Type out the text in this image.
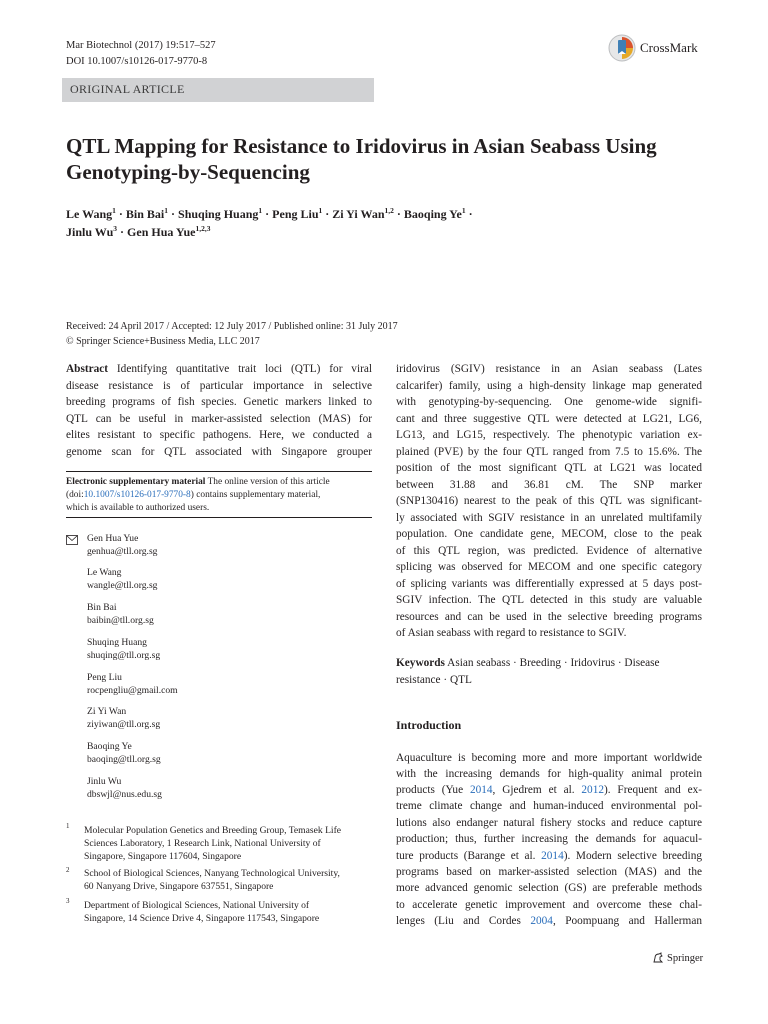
Mar Biotechnol (2017) 19:517–527
DOI 10.1007/s10126-017-9770-8
CrossMark
ORIGINAL ARTICLE
QTL Mapping for Resistance to Iridovirus in Asian Seabass Using
Genotyping-by-Sequencing
Le Wang$^1$ · Bin Bai$^1$ · Shuqing Huang$^1$ · Peng Liu$^1$ · Zi Yi Wan$^{1,2}$ · Baoqing $Ye^1$ ·
Jinlu $Wu^3$ · Gen Hua Yue$^{1,2,3}$
Received: 24 April 2017 / Accepted: 12 July 2017 / Published online: 31 July 2017
© Springer Science+Business Media, LLC 2017
Abstract Identifying quantitative trait loci (QTL) for viral
disease resistance is of particular importance in selective
breeding programs of fish species. Genetic markers linked to
QTL can be useful in marker-assisted selection (MAS) for
elites resistant to specific pathogens. Here, we conducted a
genome scan for QTL associated with Singapore grouper
Electronic supplementary material The online version of this article
(doi:10.1007/s10126-017-9770-8) contains supplementary material,
which is available to authorized users.
Gen Hua Yue
genhua@tll.org.sg
Le Wang
wangle@tll.org.sg
Bin Bai
baibin@tll.org.sg
Shuqing Huang
shuqing@tll.org.sg
Peng Liu
rocpengliu@gmail.com
Zi Yi Wan
ziyiwan@tll.org.sg
Baoqing Ye
baoqing@tll.org.sg
Jinlu Wu
dbswjl@nus.edu.sg
1 Molecular Population Genetics and Breeding Group, Temasek Life
Sciences Laboratory, 1 Research Link, National University of
Singapore, Singapore 117604, Singapore
2 School of Biological Sciences, Nanyang Technological University,
60 Nanyang Drive, Singapore 637551, Singapore
3 Department of Biological Sciences, National University of
Singapore, 14 Science Drive 4, Singapore 117543, Singapore
iridovirus (SGIV) resistance in an Asian seabass (Lates
calcarifer) family, using a high-density linkage map generated
with genotyping-by-sequencing. One genome-wide signifi-
cant and three suggestive QTL were detected at LG21, LG6,
LG13, and LG15, respectively. The phenotypic variation ex-
plained (PVE) by the four QTL ranged from 7.5 to 15.6%. The
position of the most significant QTL at LG21 was located
between 31.88 and 36.81 cM. The SNP marker
(SNP130416) nearest to the peak of this QTL was significant-
ly associated with SGIV resistance in an unrelated multifamily
population. One candidate gene, MECOM, close to the peak
of this QTL region, was predicted. Evidence of alternative
splicing was observed for MECOM and one specific category
of splicing variants was differentially expressed at 5 days post-
SGIV infection. The QTL detected in this study are valuable
resources and can be used in the selective breeding programs
of Asian seabass with regard to resistance to SGIV.
Keywords Asian seabass · Breeding · Iridovirus · Disease
resistance · QTL
Introduction
Aquaculture is becoming more and more important worldwide
with the increasing demands for high-quality animal protein
products (Yue 2014, Gjedrem et al. 2012). Frequent and ex-
treme climate change and human-induced environmental pol-
lutions also endanger natural fishery stocks and reduce capture
production; thus, further increasing the demands for aquacul-
ture products (Barange et al. 2014). Modern selective breeding
programs based on marker-assisted selection (MAS) and the
more advanced genomic selection (GS) are preferable methods
to accelerate genetic improvement and overcome these chal-
lenges (Liu and Cordes 2004, Poompuang and Hallerman
Springer
